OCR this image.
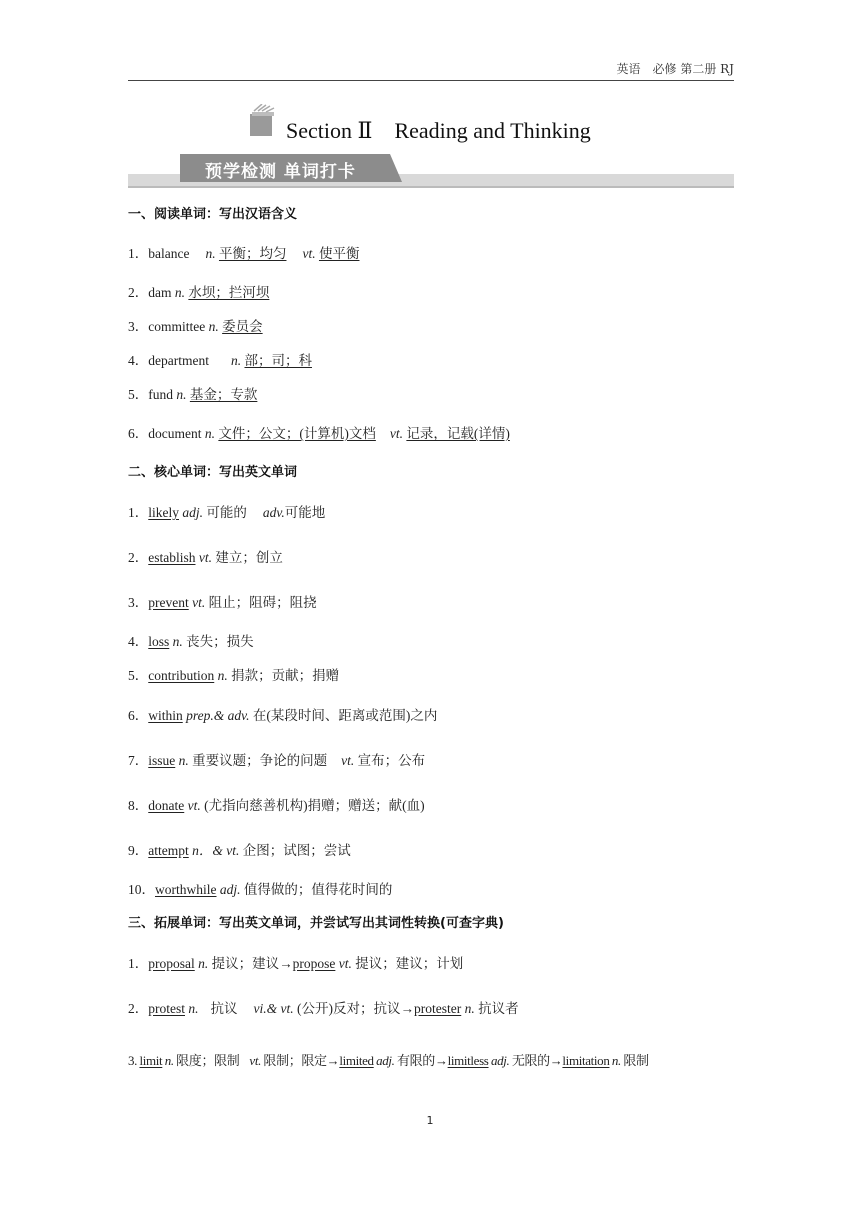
英语　必修 第二册 RJ
Section Ⅱ Reading and Thinking
预学检测 单词打卡
一、阅读单词：写出汉语含义
1．balance n. 平衡；均匀 vt. 使平衡
2．dam n. 水坝；拦河坝
3．committee n. 委员会
4．department n. 部；司；科
5．fund n. 基金；专款
6．document n. 文件；公文；(计算机)文档 vt. 记录，记载(详情)
二、核心单词：写出英文单词
1．likely adj. 可能的 adv.可能地
2．establish vt. 建立；创立
3．prevent vt. 阻止；阻碍；阻挠
4．loss n. 丧失；损失
5．contribution n. 捐款；贡献；捐赠
6．within prep.& adv. 在(某段时间、距离或范围)之内
7．issue n. 重要议题；争论的问题 vt. 宣布；公布
8．donate vt. (尤指向慈善机构)捐赠；赠送；献(血)
9．attempt n．& vt. 企图；试图；尝试
10．worthwhile adj. 值得做的；值得花时间的
三、拓展单词：写出英文单词，并尝试写出其词性转换(可查字典)
1．proposal n. 提议；建议→propose vt. 提议；建议；计划
2．protest n. 抗议 vi.& vt. (公开)反对；抗议→protester n. 抗议者
3. limit n. 限度；限制 vt. 限制；限定→limited adj. 有限的→limitless adj. 无限的→limitation n. 限制
1
